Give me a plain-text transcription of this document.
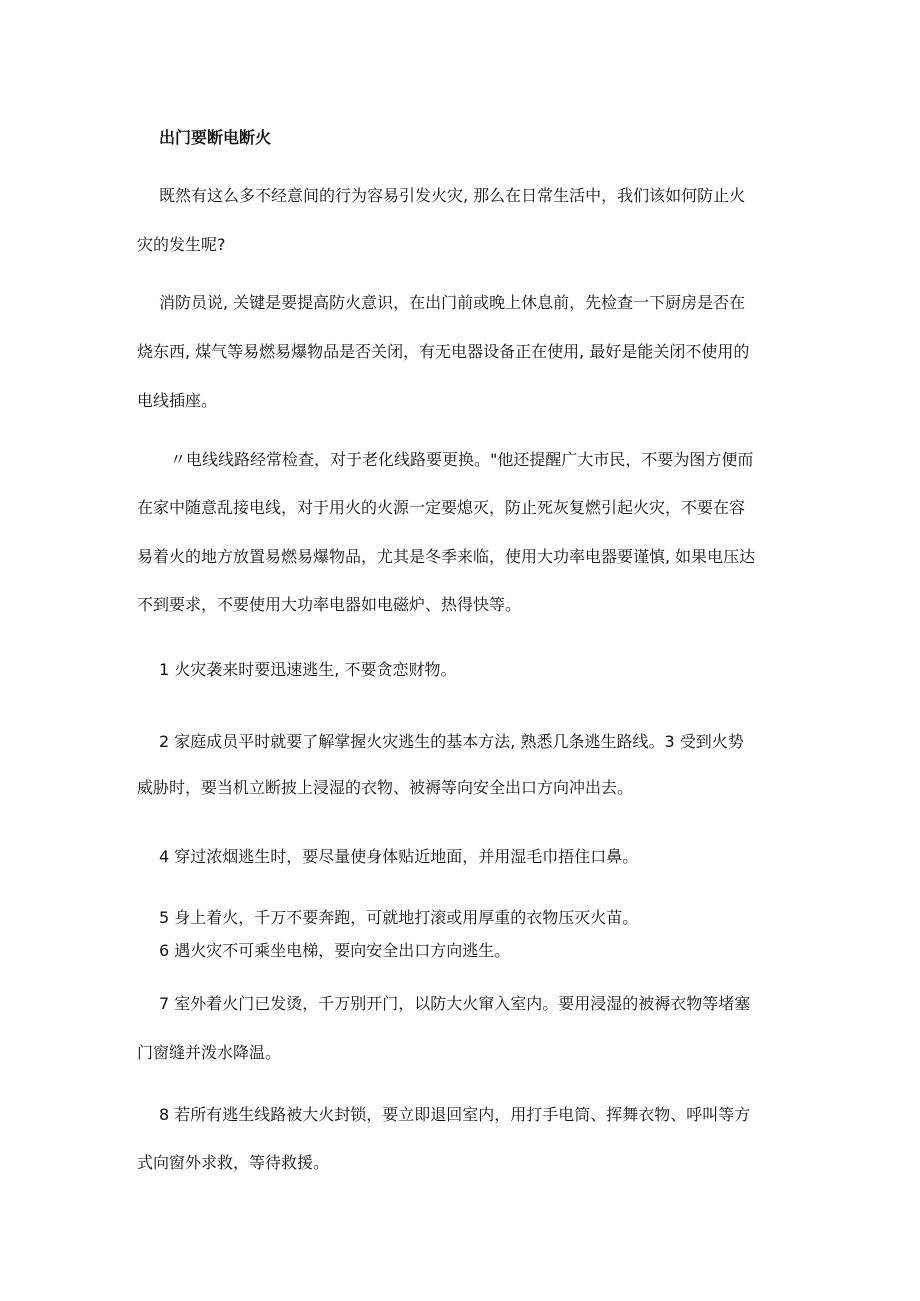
出门要断电断火
既然有这么多不经意间的行为容易引发火灾, 那么在日常生活中，我们该如何防止火
灾的发生呢?
消防员说, 关键是要提高防火意识，在出门前或晚上休息前，先检查一下厨房是否在
烧东西, 煤气等易燃易爆物品是否关闭，有无电器设备正在使用, 最好是能关闭不使用的
电线插座。
〃电线线路经常检查，对于老化线路要更换。"他还提醒广大市民，不要为图方便而
在家中随意乱接电线，对于用火的火源一定要熄灭，防止死灰复燃引起火灾，不要在容
易着火的地方放置易燃易爆物品，尤其是冬季来临，使用大功率电器要谨慎, 如果电压达
不到要求，不要使用大功率电器如电磁炉、热得快等。
1 火灾袭来时要迅速逃生, 不要贪恋财物。
2 家庭成员平时就要了解掌握火灾逃生的基本方法, 熟悉几条逃生路线。3 受到火势
威胁时，要当机立断披上浸湿的衣物、被褥等向安全出口方向冲出去。
4 穿过浓烟逃生时，要尽量使身体贴近地面，并用湿毛巾捂住口鼻。
5 身上着火，千万不要奔跑，可就地打滚或用厚重的衣物压灭火苗。
6 遇火灾不可乘坐电梯，要向安全出口方向逃生。
7 室外着火门已发烫，千万别开门，以防大火窜入室内。要用浸湿的被褥衣物等堵塞
门窗缝并泼水降温。
8 若所有逃生线路被大火封锁，要立即退回室内，用打手电筒、挥舞衣物、呼叫等方
式向窗外求救，等待救援。
